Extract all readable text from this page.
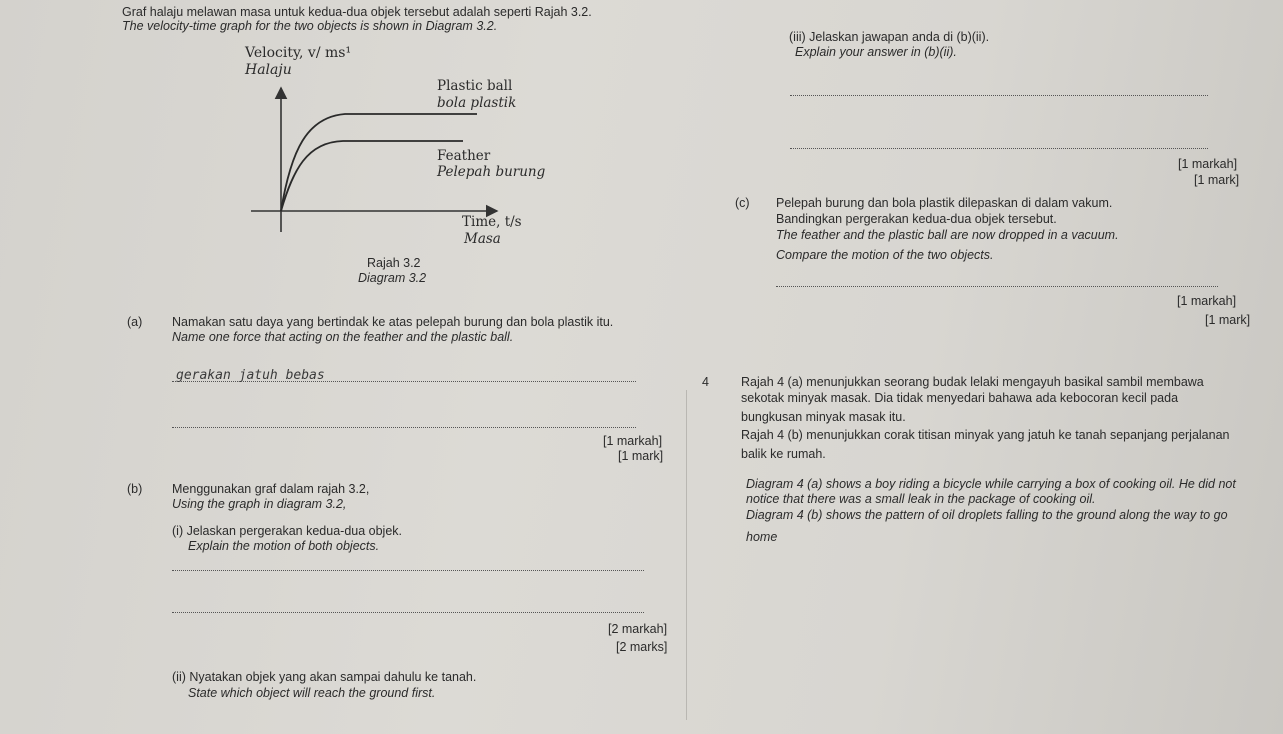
Graf halaju melawan masa untuk kedua-dua objek tersebut adalah seperti Rajah 3.2.
The velocity-time graph for the two objects is shown in Diagram 3.2.
Velocity, v/ ms¹
Halaju
Plastic ball
bola plastik
Feather
Pelepah burung
Time, t/s
Masa
Rajah 3.2
Diagram 3.2
(a) Namakan satu daya yang bertindak ke atas pelepah burung dan bola plastik itu.
Name one force that acting on the feather and the plastic ball.
gerakan jatuh bebas
[1 markah]
[1 mark]
(b) Menggunakan graf dalam rajah 3.2,
Using the graph in diagram 3.2,
(i) Jelaskan pergerakan kedua-dua objek.
Explain the motion of both objects.
[2 markah]
[2 marks]
(ii) Nyatakan objek yang akan sampai dahulu ke tanah.
State which object will reach the ground first.
(iii) Jelaskan jawapan anda di (b)(ii).
Explain your answer in (b)(ii).
[1 markah]
[1 mark]
(c) Pelepah burung dan bola plastik dilepaskan di dalam vakum.
Bandingkan pergerakan kedua-dua objek tersebut.
The feather and the plastic ball are now dropped in a vacuum.
Compare the motion of the two objects.
[1 markah]
[1 mark]
4	Rajah 4 (a) menunjukkan seorang budak lelaki mengayuh basikal sambil membawa
sekotak minyak masak. Dia tidak menyedari bahawa ada kebocoran kecil pada
bungkusan minyak masak itu.
Rajah 4 (b) menunjukkan corak titisan minyak yang jatuh ke tanah sepanjang perjalanan
balik ke rumah.
Diagram 4 (a) shows a boy riding a bicycle while carrying a box of cooking oil. He did not
notice that there was a small leak in the package of cooking oil.
Diagram 4 (b) shows the pattern of oil droplets falling to the ground along the way to go
home
